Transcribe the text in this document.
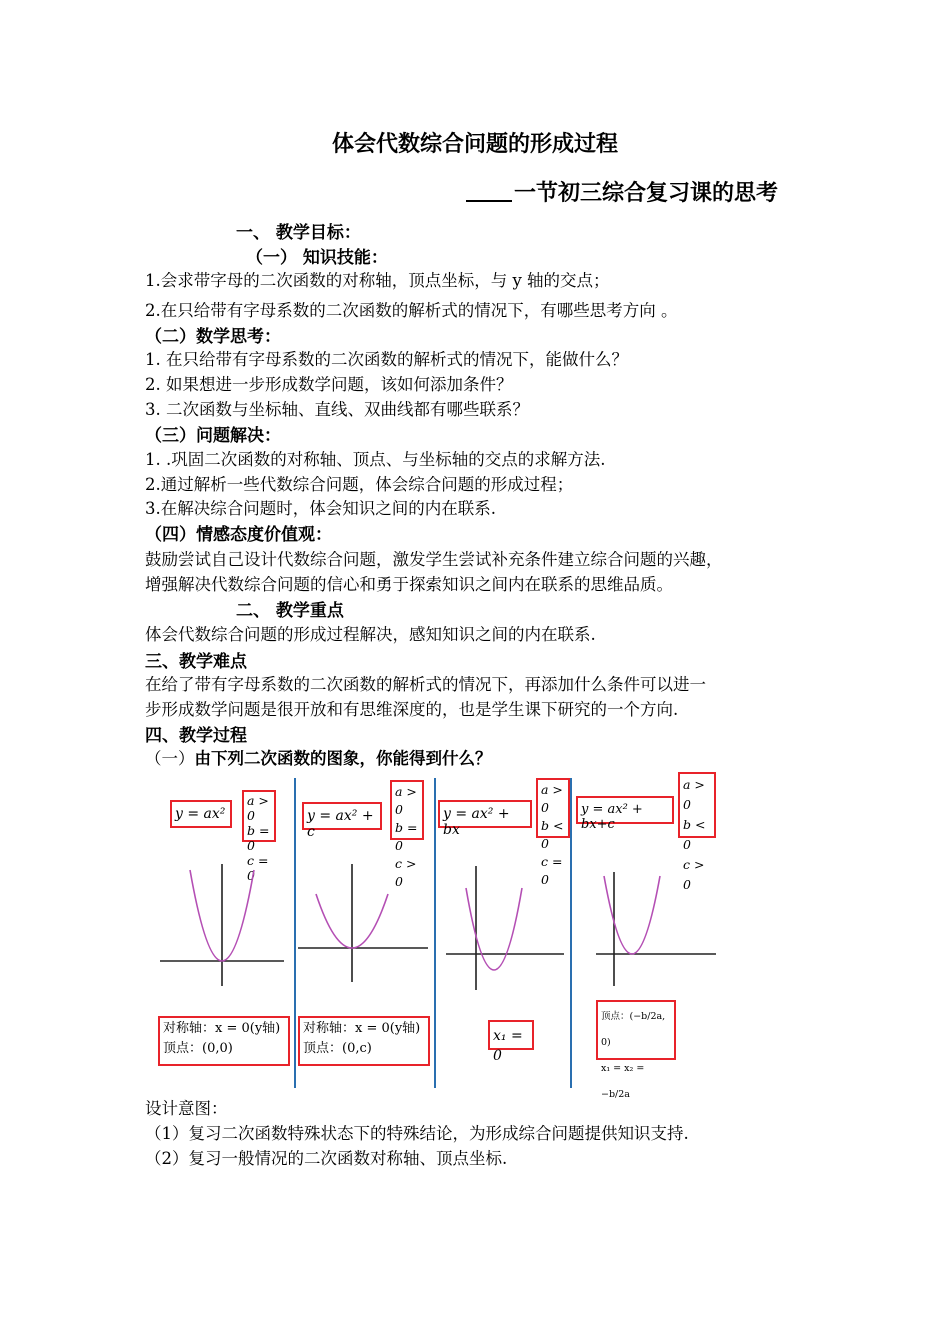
体会代数综合问题的形成过程
一节初三综合复习课的思考
一、 教学目标：
（一） 知识技能：
1.会求带字母的二次函数的对称轴，顶点坐标，与 y 轴的交点；
2.在只给带有字母系数的二次函数的解析式的情况下，有哪些思考方向 。
（二）数学思考：
1. 在只给带有字母系数的二次函数的解析式的情况下，能做什么？
2. 如果想进一步形成数学问题，该如何添加条件？
3. 二次函数与坐标轴、直线、双曲线都有哪些联系？
（三）问题解决：
1. .巩固二次函数的对称轴、顶点、与坐标轴的交点的求解方法.
2.通过解析一些代数综合问题，体会综合问题的形成过程；
3.在解决综合问题时，体会知识之间的内在联系.
（四）情感态度价值观：
鼓励尝试自己设计代数综合问题，激发学生尝试补充条件建立综合问题的兴趣，
增强解决代数综合问题的信心和勇于探索知识之间内在联系的思维品质。
二、 教学重点
体会代数综合问题的形成过程解决，感知知识之间的内在联系.
三、教学难点
在给了带有字母系数的二次函数的解析式的情况下，再添加什么条件可以进一
步形成数学问题是很开放和有思维深度的，也是学生课下研究的一个方向.
四、教学过程
（一）由下列二次函数的图象，你能得到什么？
y = ax²
a > 0
b = 0
c = 0
对称轴：x = 0(y轴)
顶点：(0,0)
y = ax² + c
a > 0
b = 0
c > 0
对称轴：x = 0(y轴)
顶点：(0,c)
y = ax² + bx
a > 0
b < 0
c = 0
x₁ = 0
y = ax² + bx+c
a > 0
b < 0
c > 0
顶点：(−b/2a, 0)
x₁ = x₂ = −b/2a
设计意图：
（1）复习二次函数特殊状态下的特殊结论，为形成综合问题提供知识支持.
（2）复习一般情况的二次函数对称轴、顶点坐标.
